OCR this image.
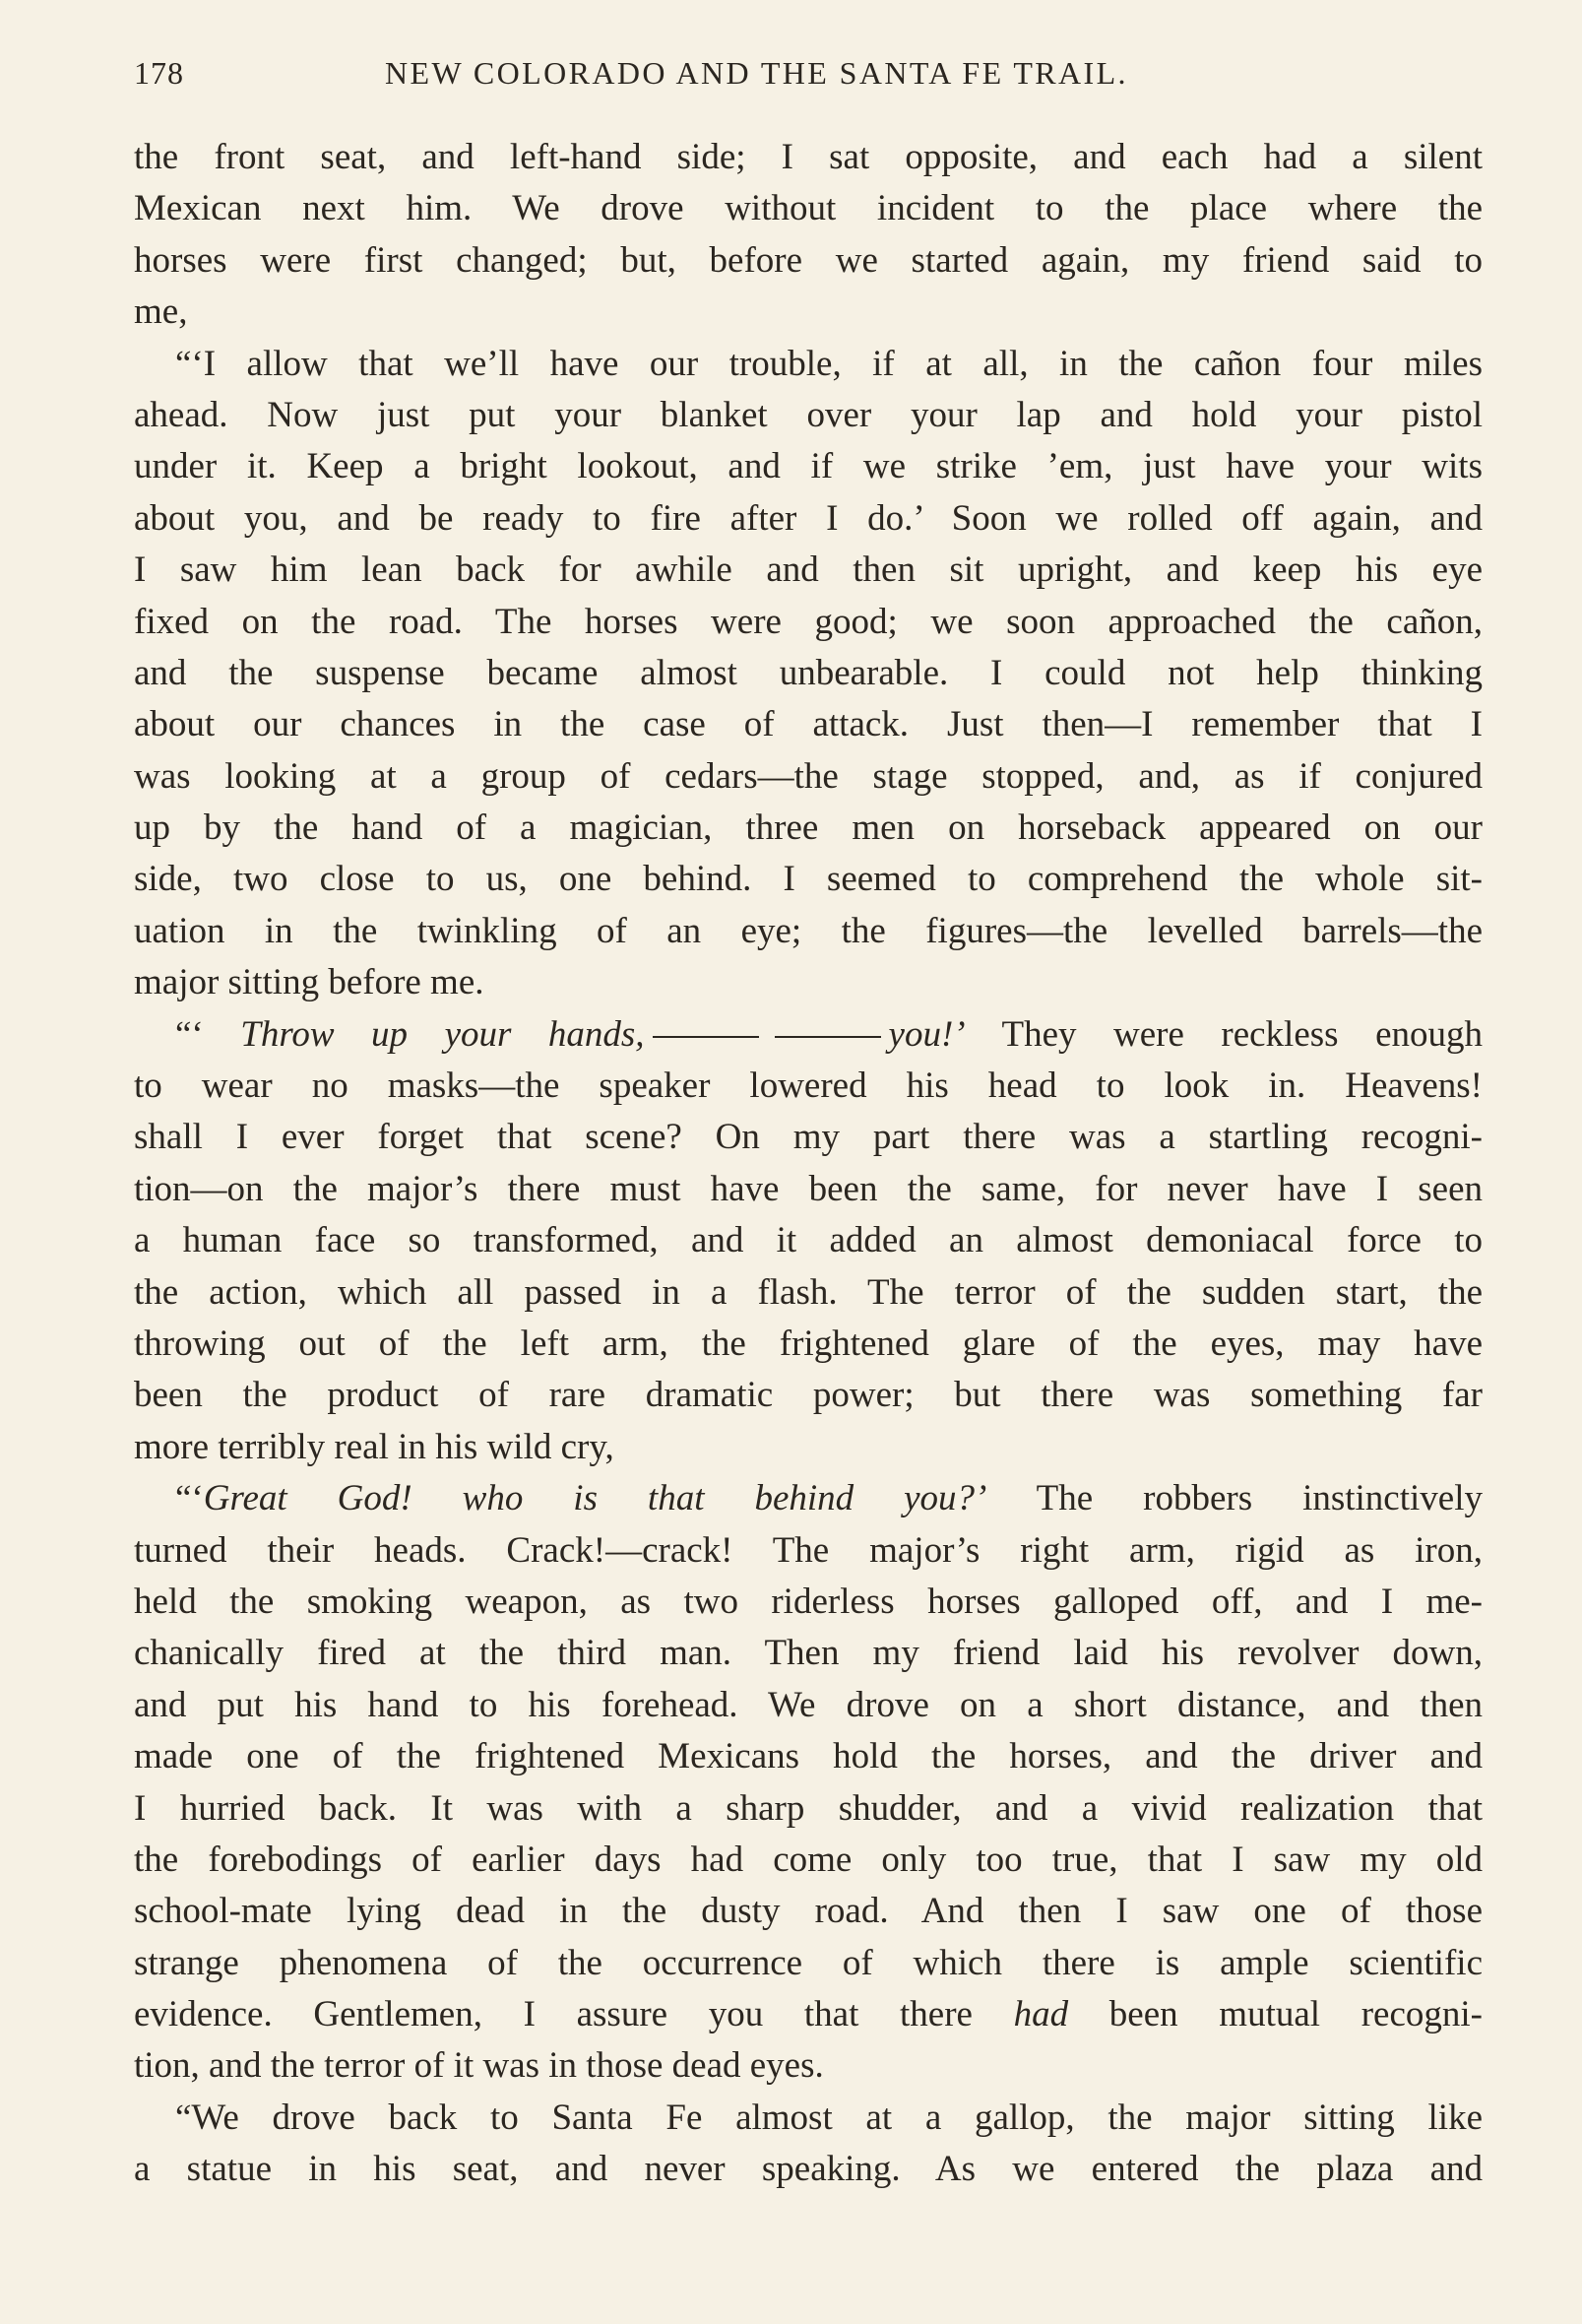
178	NEW COLORADO AND THE SANTA FE TRAIL.
the front seat, and left-hand side; I sat opposite, and each had a silent
Mexican next him. We drove without incident to the place where the
horses were first changed; but, before we started again, my friend said to
me,
“‘I allow that we’ll have our trouble, if at all, in the cañon four miles
ahead. Now just put your blanket over your lap and hold your pistol
under it. Keep a bright lookout, and if we strike ’em, just have your wits
about you, and be ready to fire after I do.’ Soon we rolled off again, and
I saw him lean back for awhile and then sit upright, and keep his eye
fixed on the road. The horses were good; we soon approached the cañon,
and the suspense became almost unbearable. I could not help thinking
about our chances in the case of attack. Just then—I remember that I
was looking at a group of cedars—the stage stopped, and, as if conjured
up by the hand of a magician, three men on horseback appeared on our
side, two close to us, one behind. I seemed to comprehend the whole sit-
uation in the twinkling of an eye; the figures—the levelled barrels—the
major sitting before me.
“‘ Throw up your hands,	you!’ They were reckless enough
to wear no masks—the speaker lowered his head to look in. Heavens!
shall I ever forget that scene? On my part there was a startling recogni-
tion—on the major’s there must have been the same, for never have I seen
a human face so transformed, and it added an almost demoniacal force to
the action, which all passed in a flash. The terror of the sudden start, the
throwing out of the left arm, the frightened glare of the eyes, may have
been the product of rare dramatic power; but there was something far
more terribly real in his wild cry,
“‘Great God! who is that behind you?’ The robbers instinctively
turned their heads. Crack!—crack! The major’s right arm, rigid as iron,
held the smoking weapon, as two riderless horses galloped off, and I me-
chanically fired at the third man. Then my friend laid his revolver down,
and put his hand to his forehead. We drove on a short distance, and then
made one of the frightened Mexicans hold the horses, and the driver and
I hurried back. It was with a sharp shudder, and a vivid realization that
the forebodings of earlier days had come only too true, that I saw my old
school-mate lying dead in the dusty road. And then I saw one of those
strange phenomena of the occurrence of which there is ample scientific
evidence. Gentlemen, I assure you that there had been mutual recogni-
tion, and the terror of it was in those dead eyes.
“We drove back to Santa Fe almost at a gallop, the major sitting like
a statue in his seat, and never speaking. As we entered the plaza and
